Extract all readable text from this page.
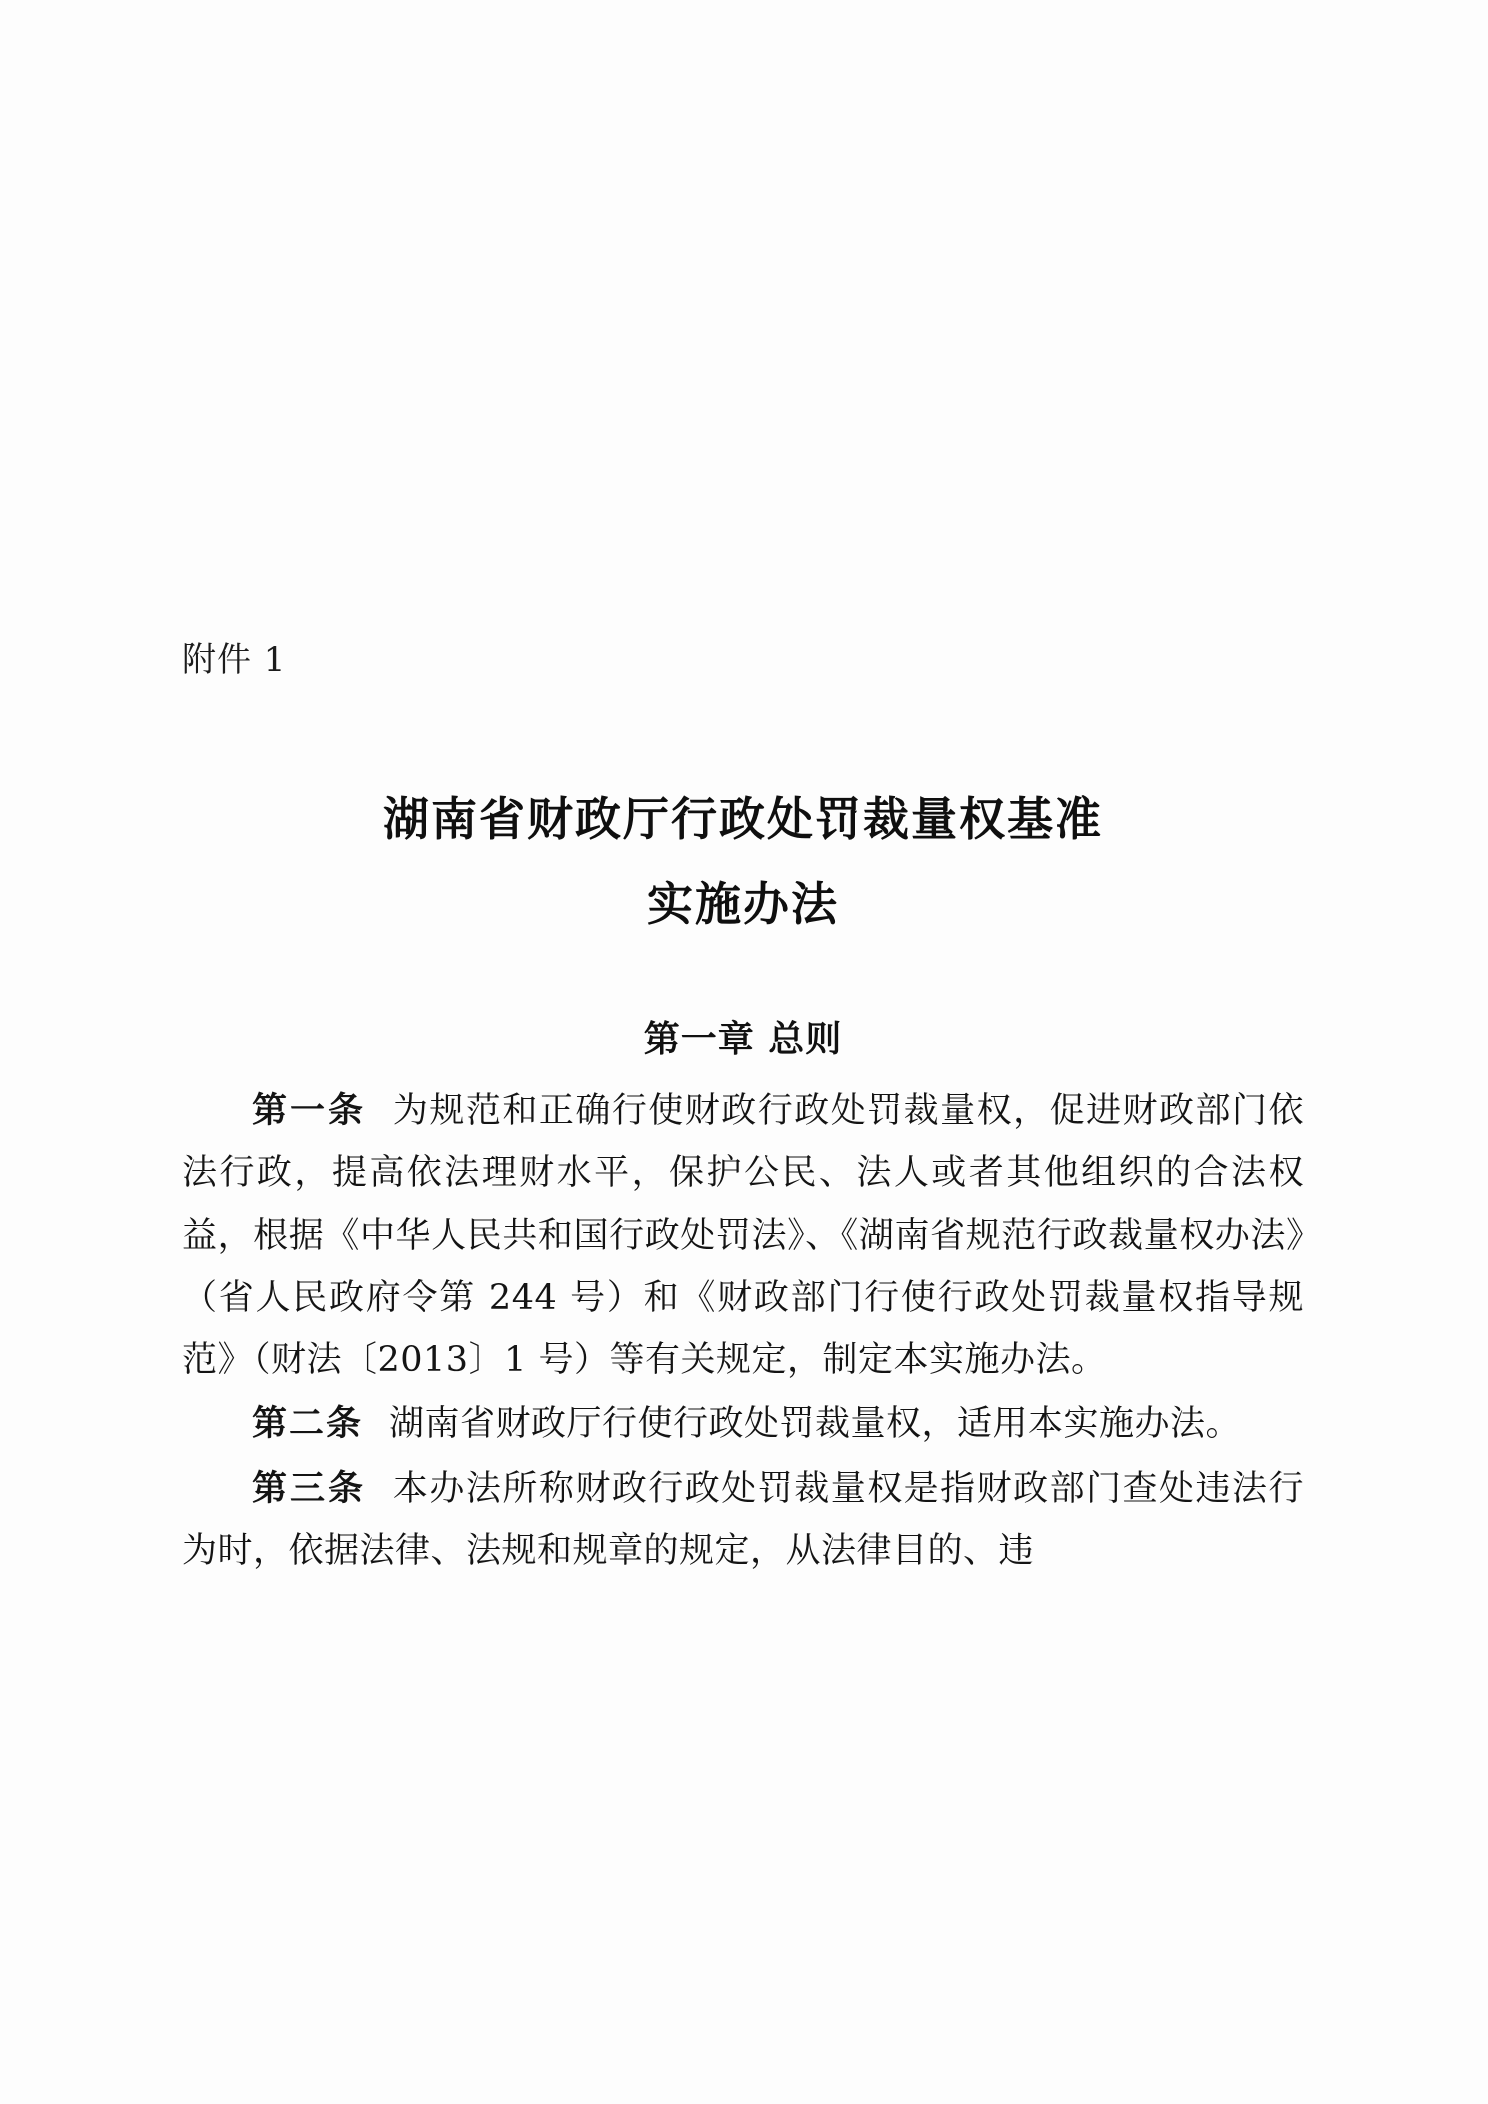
附件 1
湖南省财政厅行政处罚裁量权基准
实施办法
第一章 总则

第一条 为规范和正确行使财政行政处罚裁量权，促进财政部门依法行政，提高依法理财水平，保护公民、法人或者其他组织的合法权益，根据《中华人民共和国行政处罚法》、《湖南省规范行政裁量权办法》（省人民政府令第 244 号）和《财政部门行使行政处罚裁量权指导规范》（财法〔2013〕1 号）等有关规定，制定本实施办法。

第二条 湖南省财政厅行使行政处罚裁量权，适用本实施办法。

第三条 本办法所称财政行政处罚裁量权是指财政部门查处违法行为时，依据法律、法规和规章的规定，从法律目的、违
